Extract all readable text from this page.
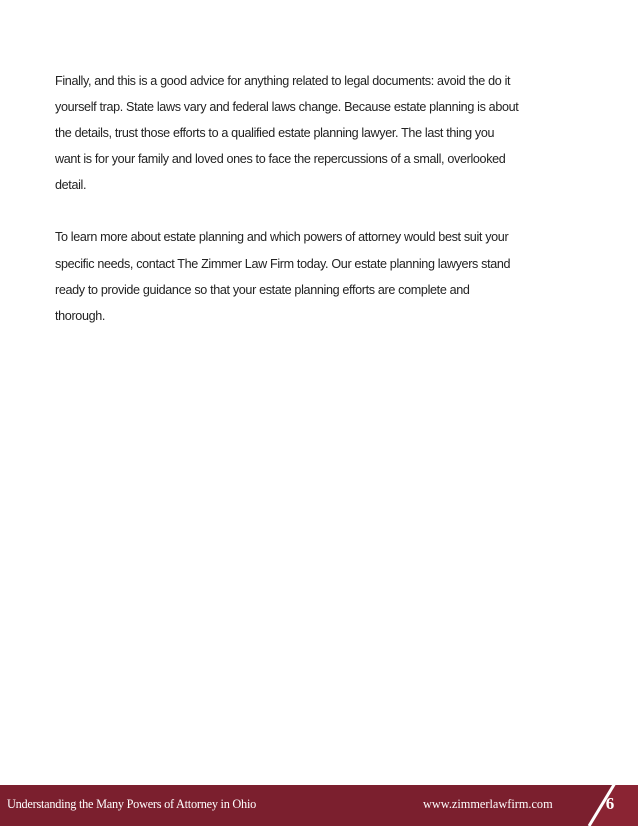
Finally, and this is a good advice for anything related to legal documents: avoid the do it
yourself trap. State laws vary and federal laws change. Because estate planning is about
the details, trust those efforts to a qualified estate planning lawyer. The last thing you
want is for your family and loved ones to face the repercussions of a small, overlooked
detail.

To learn more about estate planning and which powers of attorney would best suit your
specific needs, contact The Zimmer Law Firm today. Our estate planning lawyers stand
ready to provide guidance so that your estate planning efforts are complete and
thorough.

Understanding the Many Powers of Attorney in Ohio	www.zimmerlawfirm.com	6
